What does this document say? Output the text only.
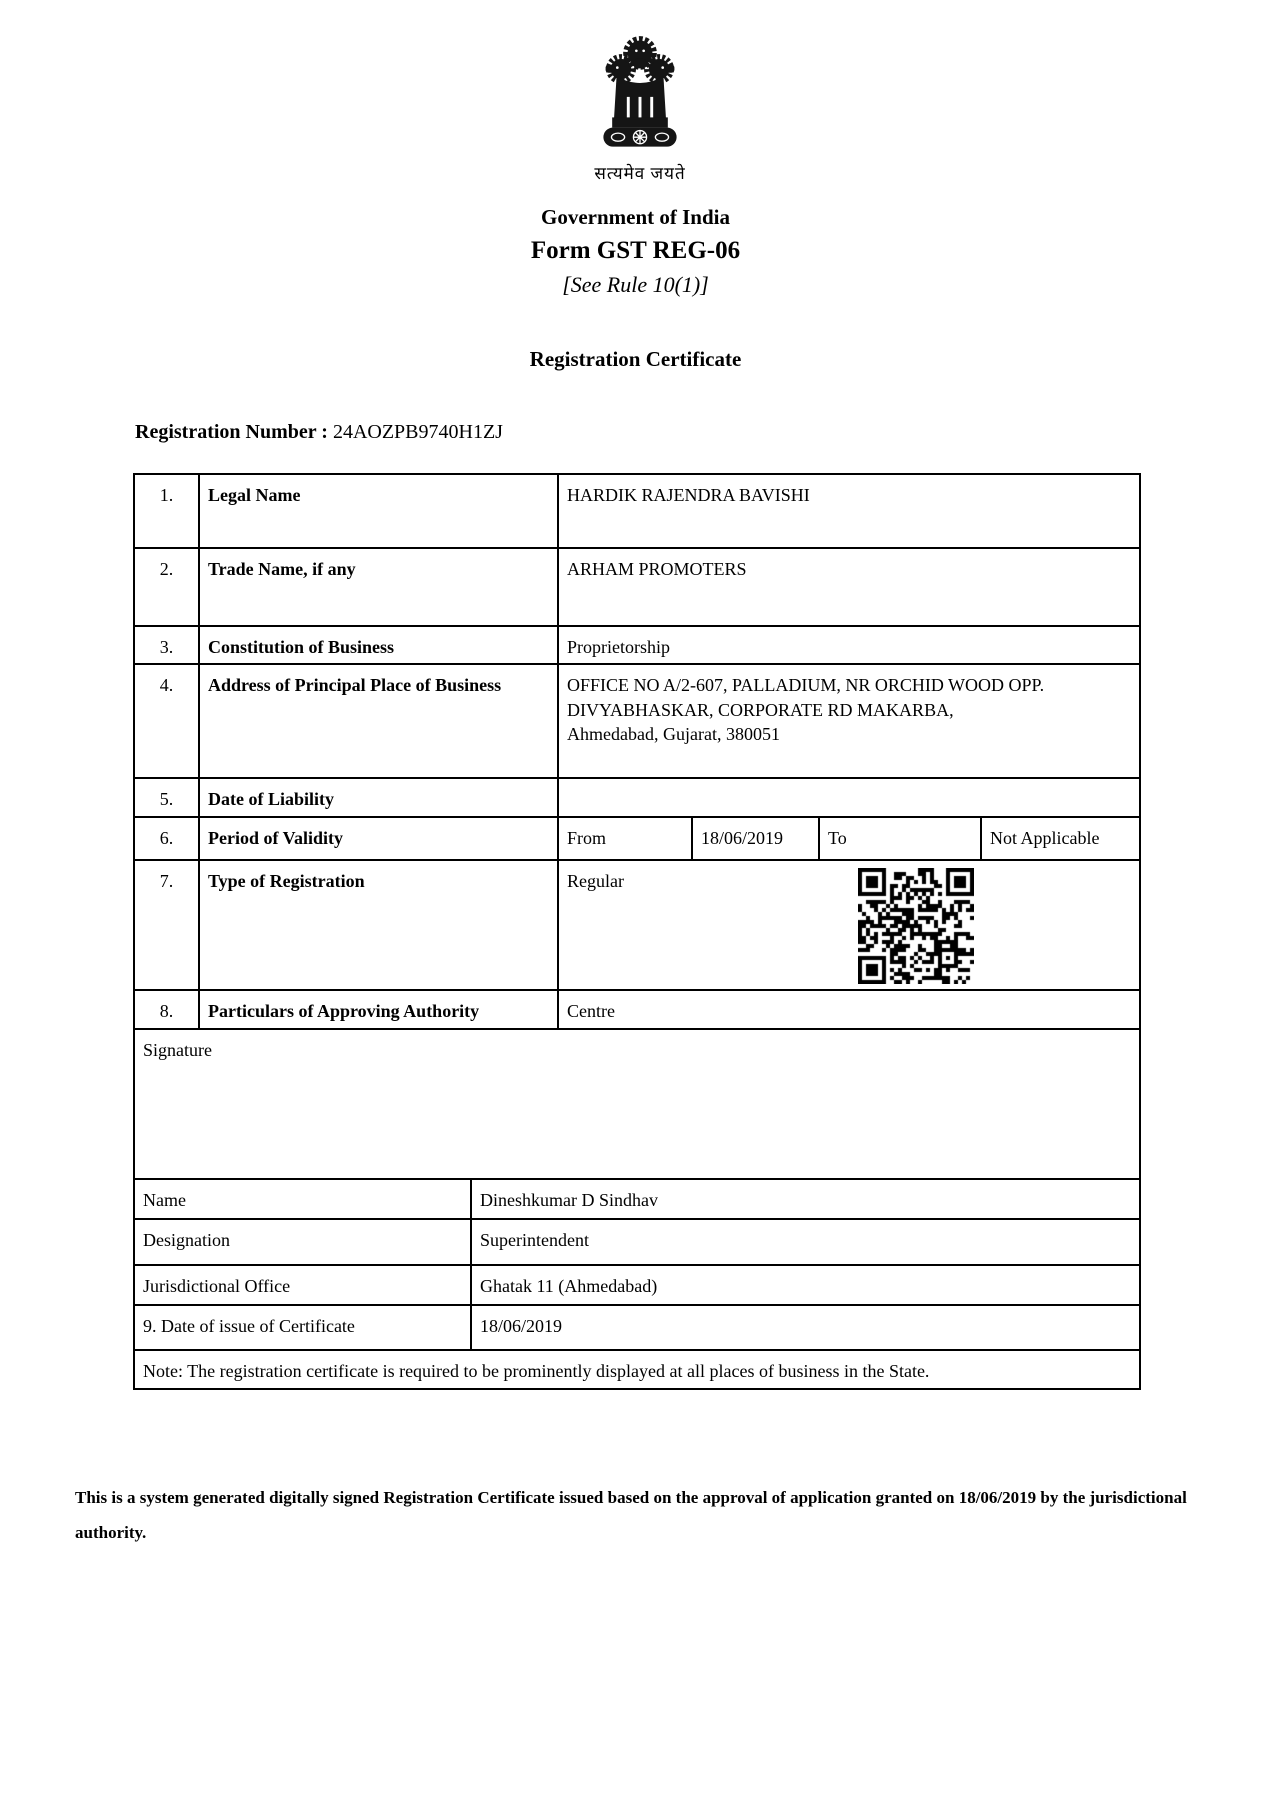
सत्यमेव जयते
Government of India
Form GST REG-06
[See Rule 10(1)]
Registration Certificate
Registration Number : 24AOZPB9740H1ZJ
1.	Legal Name		HARDIK RAJENDRA BAVISHI			
2.	Trade Name, if any		ARHAM PROMOTERS			
3.	Constitution of Business		Proprietorship			
4.	Address of Principal Place of Business		OFFICE NO A/2-607, PALLADIUM, NR ORCHID WOOD OPP.
DIVYABHASKAR, CORPORATE RD MAKARBA,
Ahmedabad, Gujarat, 380051			

5.	Date of Liability					
6.	Period of Validity		From	18/06/2019	To	Not Applicable
7.	Type of Registration		Regular			

8.	Particulars of Approving Authority		Centre			
Signature						
Name		Dineshkumar D Sindhav				
Designation		Superintendent				
Jurisdictional Office		Ghatak 11 (Ahmedabad)				
9. Date of issue of Certificate		18/06/2019				
Note: The registration certificate is required to be prominently displayed at all places of business in the State.						
This is a system generated digitally signed Registration Certificate issued based on the approval of application granted on 18/06/2019 by the jurisdictional authority.
